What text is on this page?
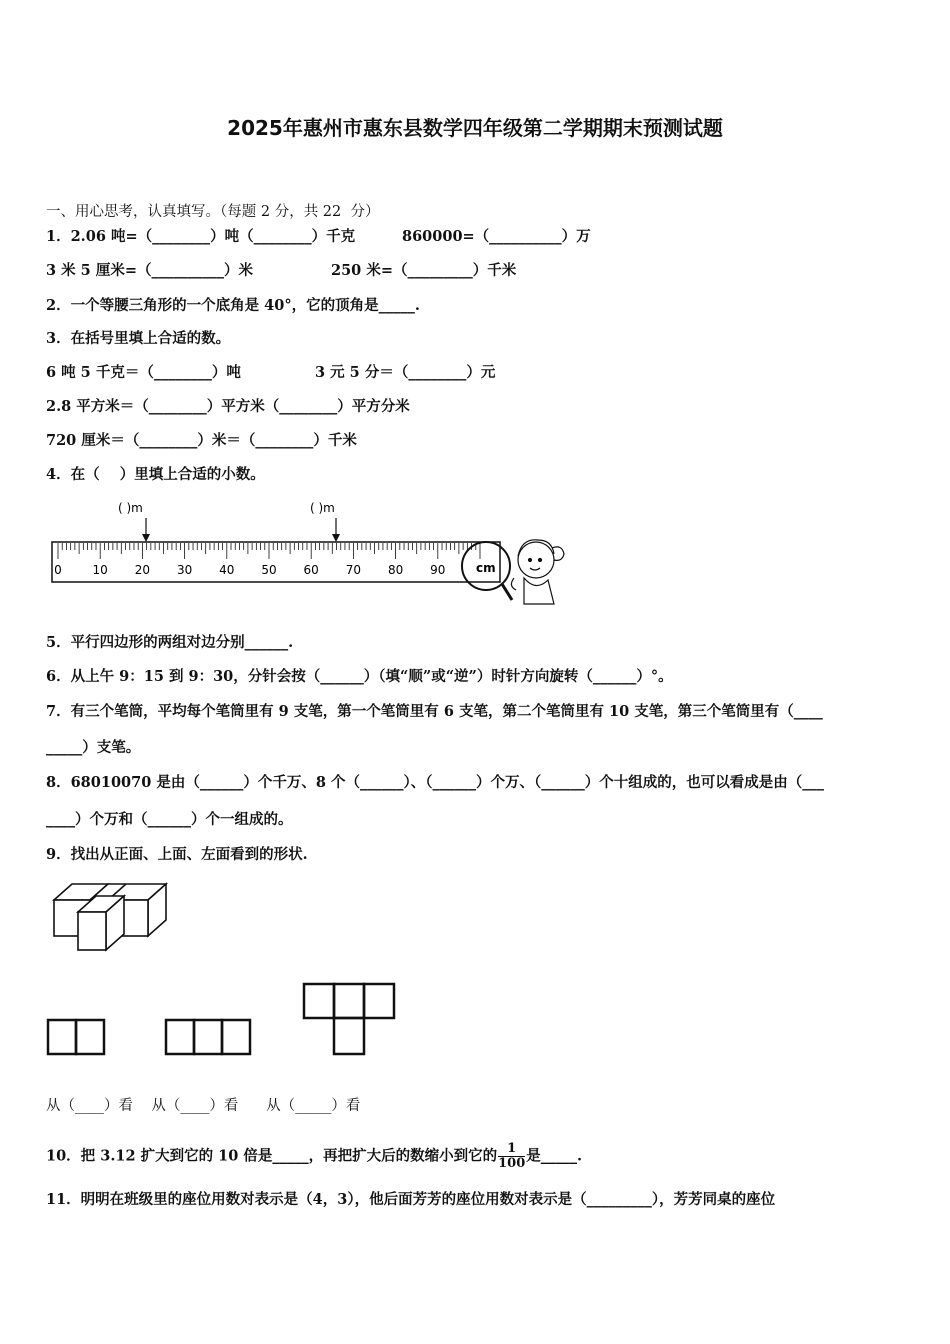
2025年惠州市惠东县数学四年级第二学期期末预测试题
一、用心思考，认真填写。（每题 2 分，共 22  分）
1．2.06 吨=（________）吨（________）千克	860000=（__________）万
3 米 5 厘米=（__________）米	250 米=（_________）千米
2．一个等腰三角形的一个底角是 40°，它的顶角是_____.
3．在括号里填上合适的数。
6 吨 5 千克＝（________）吨	3 元 5 分＝（________）元
2.8 平方米＝（________）平方米（________）平方分米
720 厘米＝（________）米＝（________）千米
4．在（    ）里填上合适的小数。
( )m	( )m
0	10 20 30 40 50 60 70 80 90	cm
5．平行四边形的两组对边分别______.
6．从上午 9：15 到 9：30，分针会按（______）（填“顺”或“逆”）时针方向旋转（______）°。
7．有三个笔筒，平均每个笔筒里有 9 支笔，第一个笔筒里有 6 支笔，第二个笔筒里有 10 支笔，第三个笔筒里有（____
_____）支笔。
8．68010070 是由（______）个千万、8 个（______）、（______）个万、（______）个十组成的，也可以看成是由（___
____）个万和（______）个一组成的。
9．找出从正面、上面、左面看到的形状.
从（____）看    从（____）看      从（_____）看
10．把 3.12 扩大到它的 10 倍是_____，再把扩大后的数缩小到它的 $\frac{1}{100}$ 是_____.
11．明明在班级里的座位用数对表示是（4，3），他后面芳芳的座位用数对表示是（_________），芳芳同桌的座位
